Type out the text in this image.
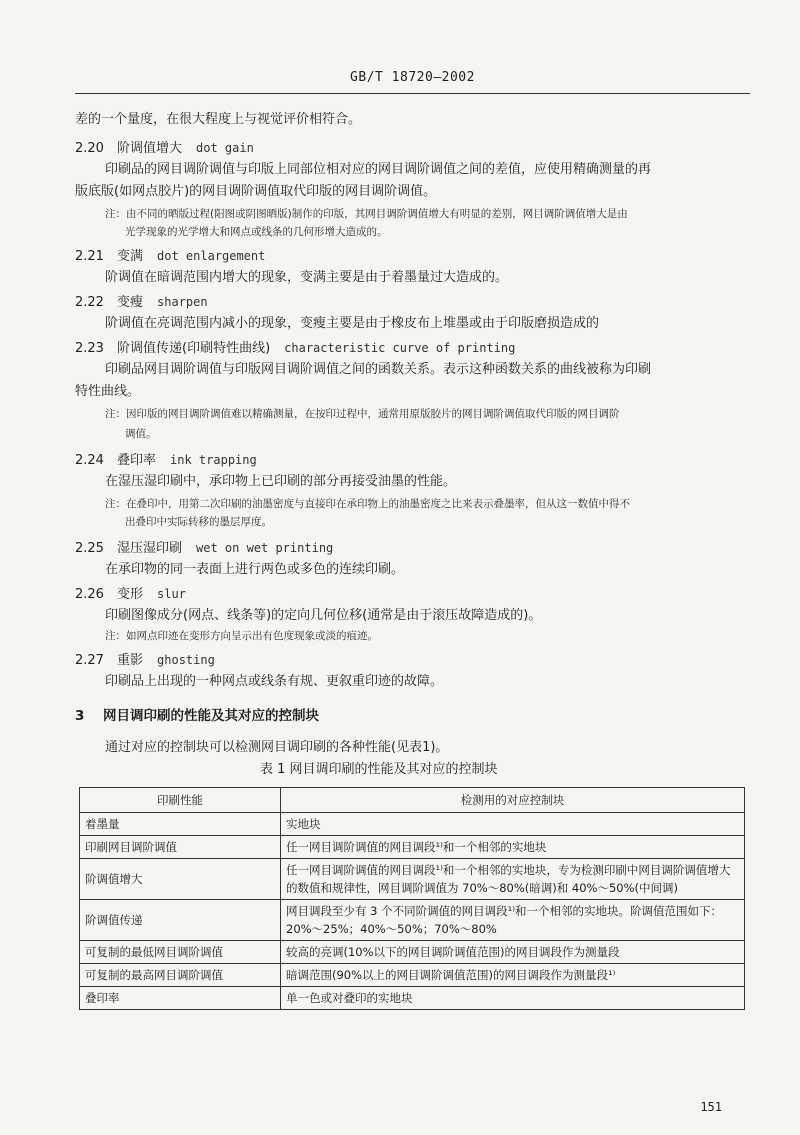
GB/T 18720—2002
差的一个量度，在很大程度上与视觉评价相符合。
2.20 阶调值增大 dot gain
印刷品的网目调阶调值与印版上同部位相对应的网目调阶调值之间的差值，应使用精确测量的再
版底版(如网点胶片)的网目调阶调值取代印版的网目调阶调值。
注：由不同的晒版过程(阳图或阴图晒版)制作的印版，其网目调阶调值增大有明显的差别，网目调阶调值增大是由
光学现象的光学增大和网点或线条的几何形增大造成的。
2.21 变满 dot enlargement
阶调值在暗调范围内增大的现象，变满主要是由于着墨量过大造成的。
2.22 变瘦 sharpen
阶调值在亮调范围内减小的现象，变瘦主要是由于橡皮布上堆墨或由于印版磨损造成的
2.23 阶调值传递(印刷特性曲线) characteristic curve of printing
印刷品网目调阶调值与印版网目调阶调值之间的函数关系。表示这种函数关系的曲线被称为印刷
特性曲线。
注：因印版的网目调阶调值难以精确测量，在按印过程中，通常用原版胶片的网目调阶调值取代印版的网目调阶
调值。
2.24 叠印率 ink trapping
在湿压湿印刷中，承印物上已印刷的部分再接受油墨的性能。
注：在叠印中，用第二次印刷的油墨密度与直接印在承印物上的油墨密度之比来表示叠墨率，但从这一数值中得不
出叠印中实际转移的墨层厚度。
2.25 湿压湿印刷 wet on wet printing
在承印物的同一表面上进行两色或多色的连续印刷。
2.26 变形 slur
印刷图像成分(网点、线条等)的定向几何位移(通常是由于滚压故障造成的)。
注：如网点印迹在变形方向呈示出有色度现象或淡的痕迹。
2.27 重影 ghosting
印刷品上出现的一种网点或线条有规、更叙重印迹的故障。
3 网目调印刷的性能及其对应的控制块
通过对应的控制块可以检测网目调印刷的各种性能(见表1)。
表 1 网目调印刷的性能及其对应的控制块
印刷性能	检测用的对应控制块
着墨量	实地块
印刷网目调阶调值	任一网目调阶调值的网目调段¹⁾和一个相邻的实地块
阶调值增大	任一网目调阶调值的网目调段¹⁾和一个相邻的实地块，专为检测印刷中网目调阶调值增大的数值和规律性，网目调阶调值为 70%～80%(暗调)和 40%～50%(中间调)
阶调值传递	网目调段至少有 3 个不同阶调值的网目调段¹⁾和一个相邻的实地块。阶调值范围如下：20%～25%；40%～50%；70%～80%
可复制的最低网目调阶调值	较高的亮调(10%以下的网目调阶调值范围)的网目调段作为测量段
可复制的最高网目调阶调值	暗调范围(90%以上的网目调阶调值范围)的网目调段作为测量段¹⁾
叠印率	单一色或对叠印的实地块
151
